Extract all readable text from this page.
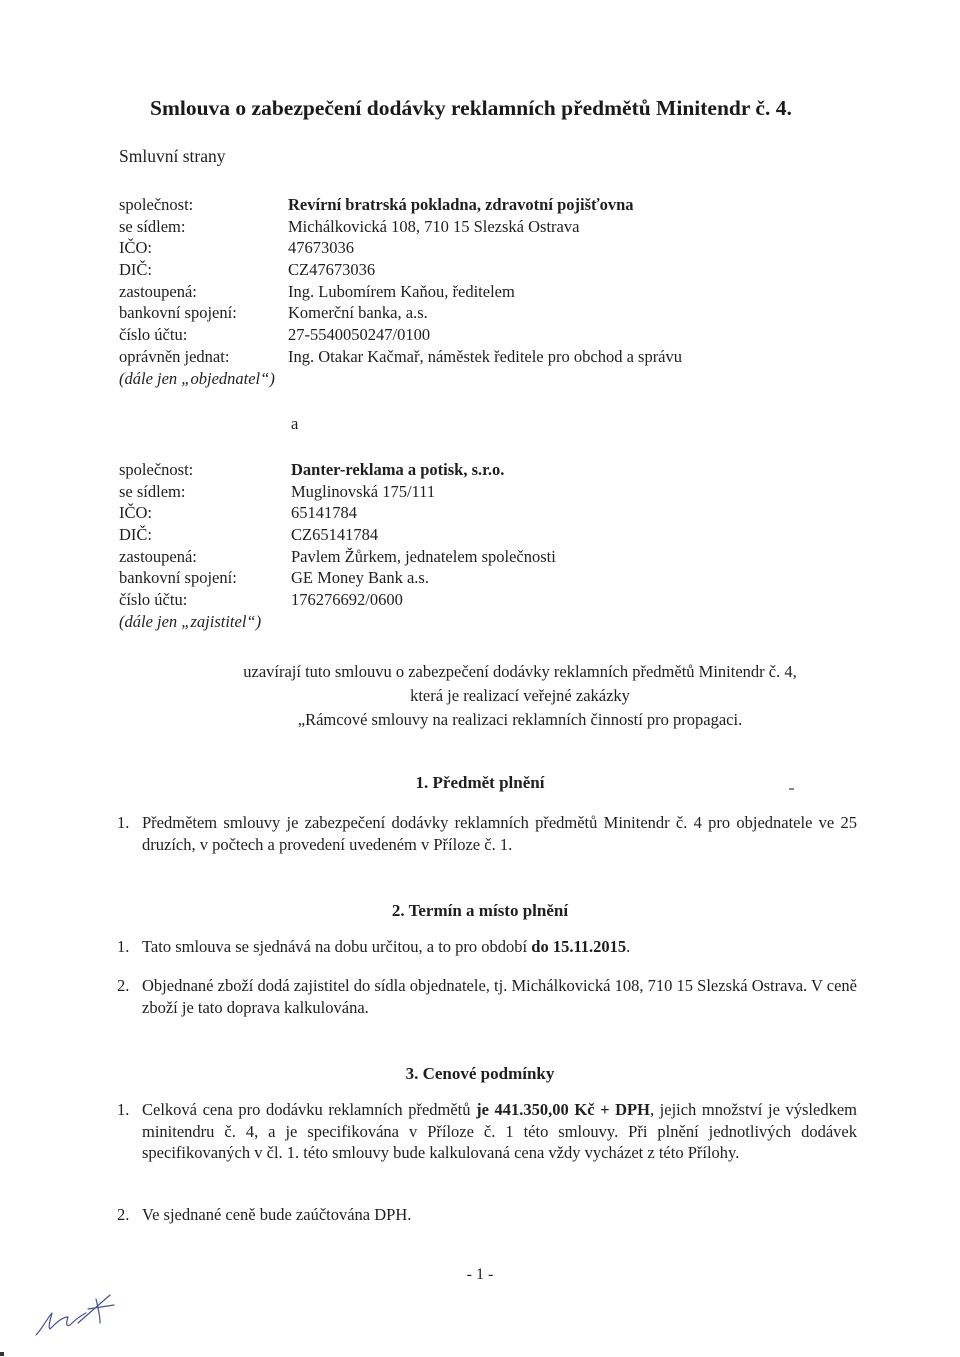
Smlouva o zabezpečení dodávky reklamních předmětů Minitendr č. 4.
Smluvní strany
společnost:	Revírní bratrská pokladna, zdravotní pojišťovna
se sídlem:	Michálkovická 108, 710 15 Slezská Ostrava
IČO:	47673036
DIČ:	CZ47673036
zastoupená:	Ing. Lubomírem Kaňou, ředitelem
bankovní spojení:	Komerční banka, a.s.
číslo účtu:	27-5540050247/0100
oprávněn jednat:	Ing. Otakar Kačmař, náměstek ředitele pro obchod a správu
(dále jen „objednatel“)
a
společnost:	Danter-reklama a potisk, s.r.o.
se sídlem:	Muglinovská 175/111
IČO:	65141784
DIČ:	CZ65141784
zastoupená:	Pavlem Žůrkem, jednatelem společnosti
bankovní spojení:	GE Money Bank a.s.
číslo účtu:	176276692/0600
(dále jen „zajistitel“)
uzavírají tuto smlouvu o zabezpečení dodávky reklamních předmětů Minitendr č. 4,
která je realizací veřejné zakázky
„Rámcové smlouvy na realizaci reklamních činností pro propagaci.
1. Předmět plnění
1. Předmětem smlouvy je zabezpečení dodávky reklamních předmětů Minitendr č. 4 pro objednatele ve 25 druzích, v počtech a provedení uvedeném v Příloze č. 1.
2. Termín a místo plnění
1. Tato smlouva se sjednává na dobu určitou, a to pro období do 15.11.2015.
2. Objednané zboží dodá zajistitel do sídla objednatele, tj. Michálkovická 108, 710 15 Slezská Ostrava. V ceně zboží je tato doprava kalkulována.
3. Cenové podmínky
1. Celková cena pro dodávku reklamních předmětů je 441.350,00 Kč + DPH, jejich množství je výsledkem minitendru č. 4, a je specifikována v Příloze č. 1 této smlouvy. Při plnění jednotlivých dodávek specifikovaných v čl. 1. této smlouvy bude kalkulovaná cena vždy vycházet z této Přílohy.
2. Ve sjednané ceně bude zaúčtována DPH.
- 1 -
